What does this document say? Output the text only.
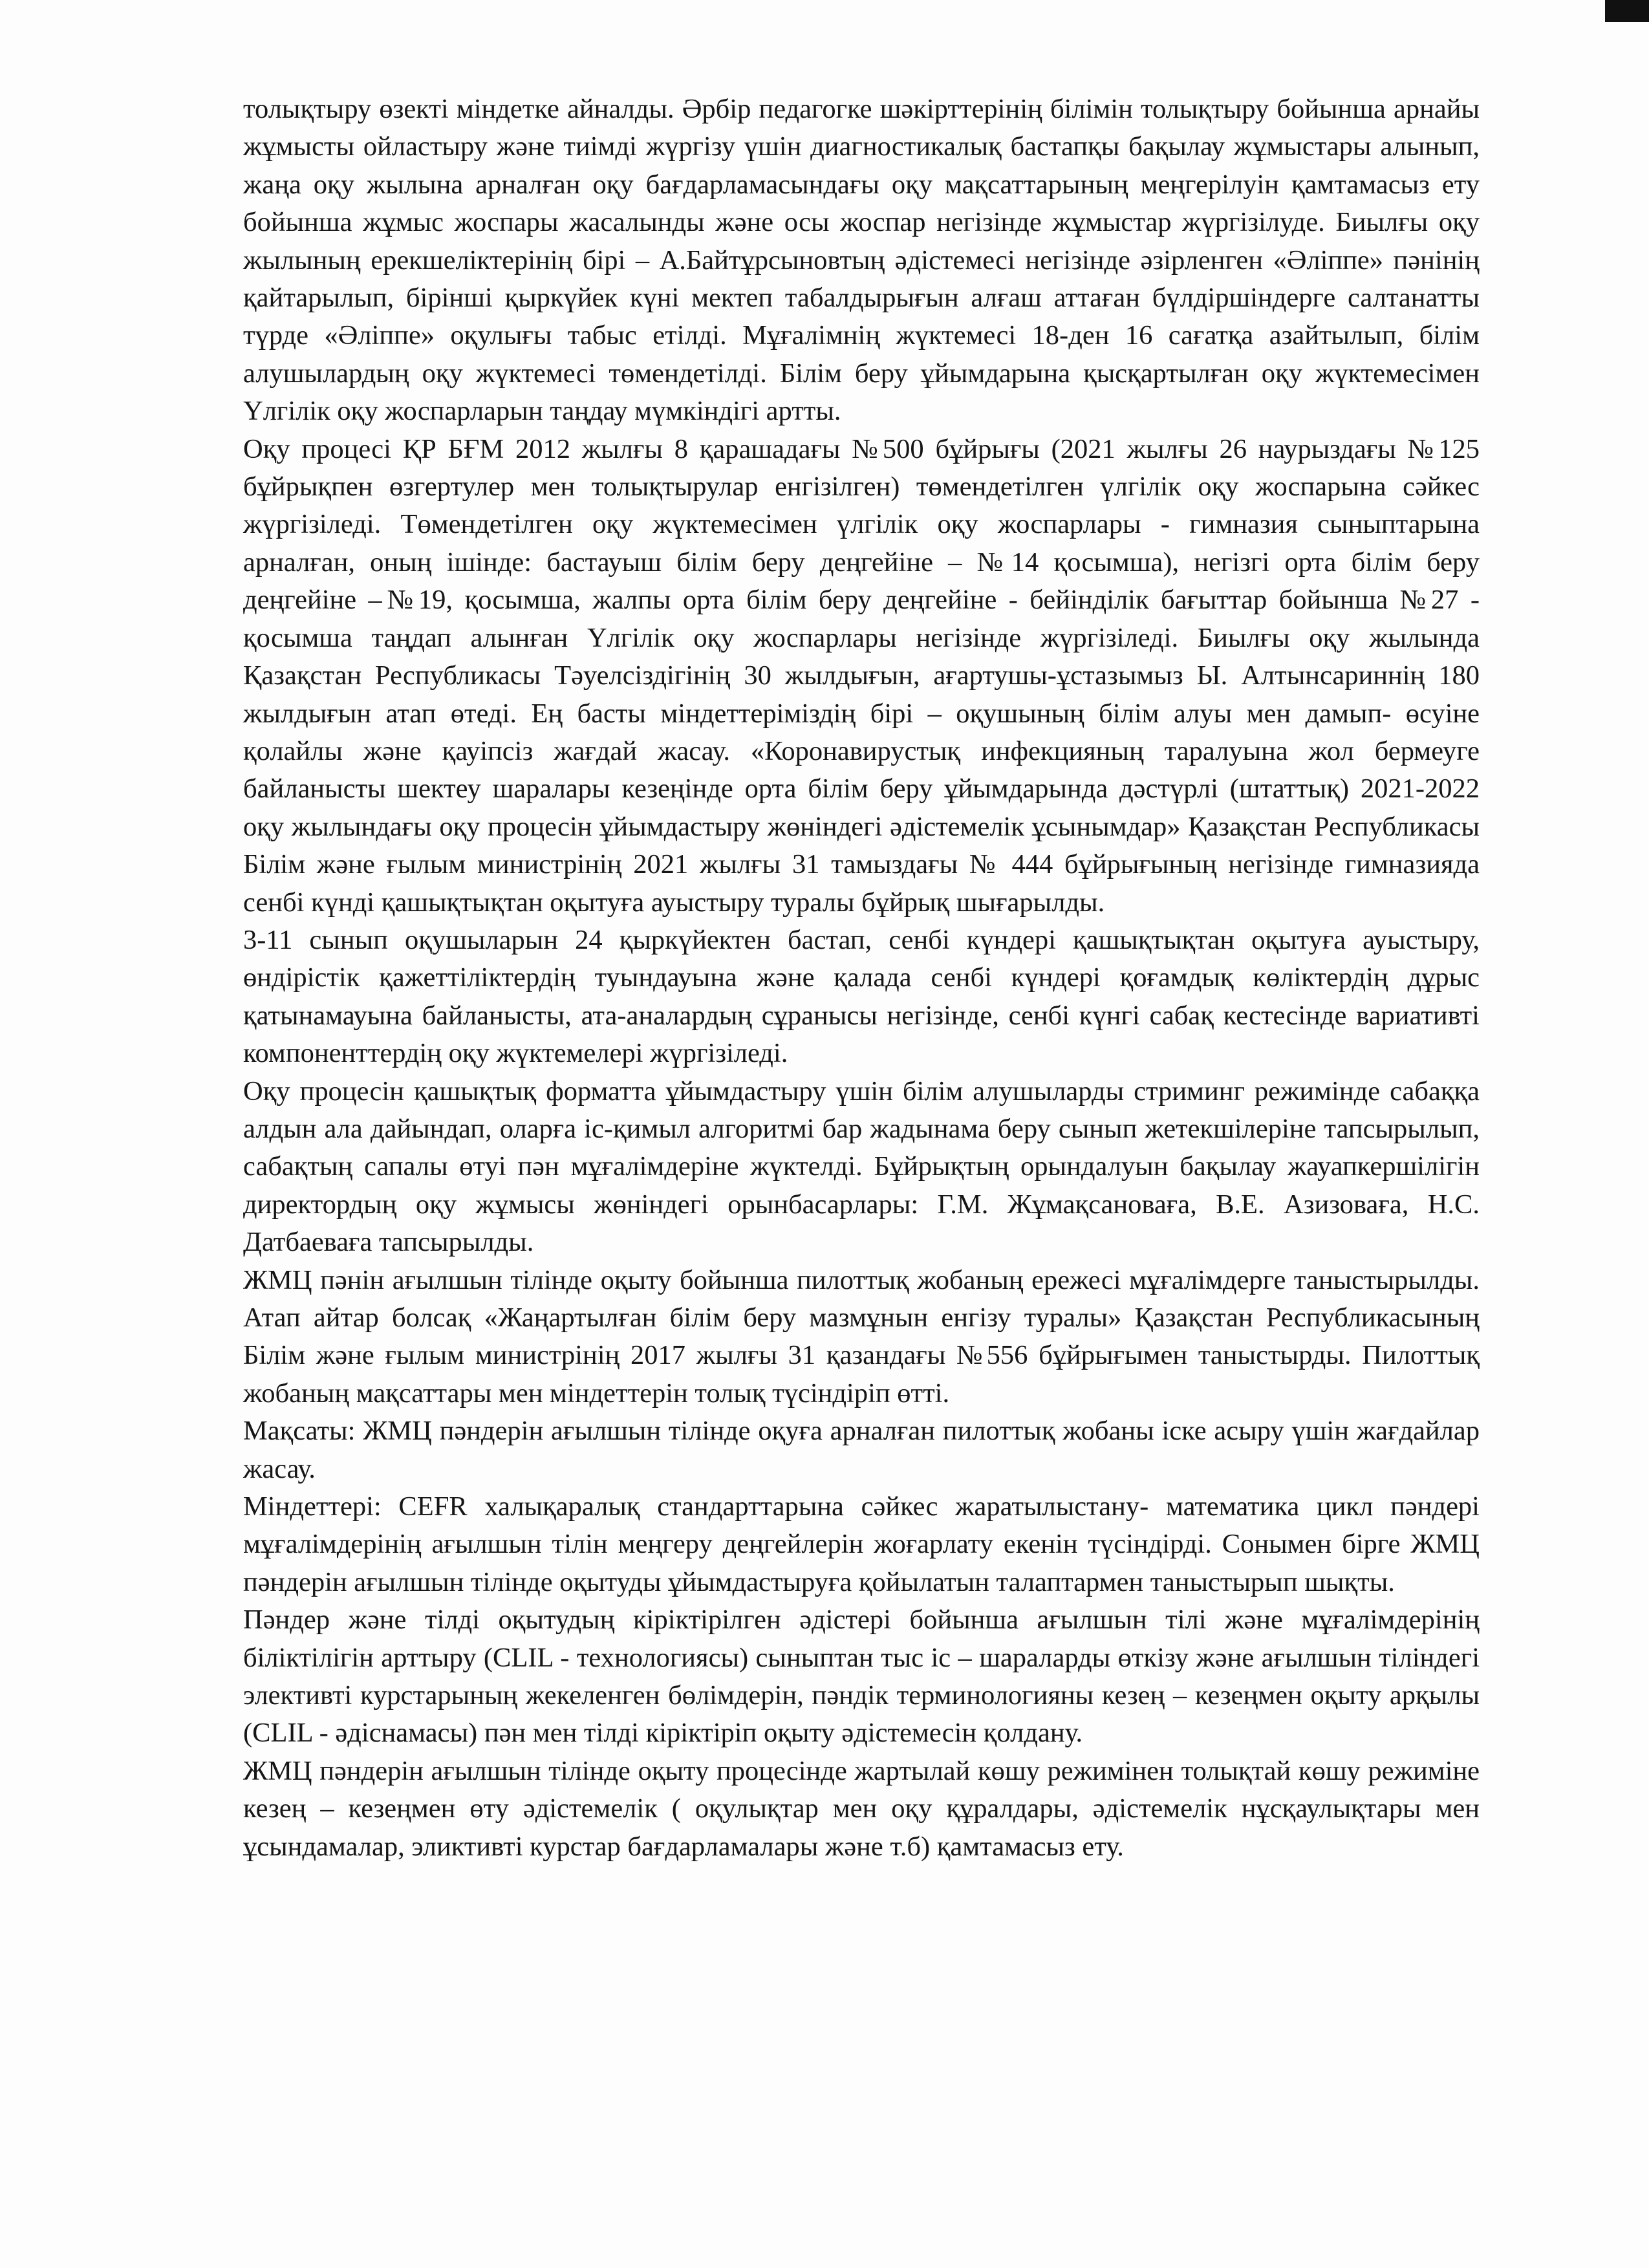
толықтыру өзекті міндетке айналды. Әрбір педагогке шәкірттерінің білімін толықтыру бойынша арнайы жұмысты ойластыру және тиімді жүргізу үшін диагностикалық бастапқы бақылау жұмыстары алынып, жаңа оқу жылына арналған оқу бағдарламасындағы оқу мақсаттарының меңгерілуін қамтамасыз ету бойынша жұмыс жоспары жасалынды және осы жоспар негізінде жұмыстар жүргізілуде. Биылғы оқу жылының ерекшеліктерінің бірі – А.Байтұрсыновтың әдістемесі негізінде әзірленген «Әліппе» пәнінің қайтарылып, бірінші қыркүйек күні мектеп табалдырығын алғаш аттаған бүлдіршіндерге салтанатты түрде «Әліппе» оқулығы табыс етілді. Мұғалімнің жүктемесі 18-ден 16 сағатқа азайтылып, білім алушылардың оқу жүктемесі төмендетілді. Білім беру ұйымдарына қысқартылған оқу жүктемесімен Үлгілік оқу жоспарларын таңдау мүмкіндігі артты.

Оқу процесі ҚР БҒМ 2012 жылғы 8 қарашадағы №500 бұйрығы (2021 жылғы 26 наурыздағы №125 бұйрықпен өзгертулер мен толықтырулар енгізілген) төмендетілген үлгілік оқу жоспарына сәйкес жүргізіледі. Төмендетілген оқу жүктемесімен үлгілік оқу жоспарлары - гимназия сыныптарына арналған, оның ішінде: бастауыш білім беру деңгейіне – №14 қосымша), негізгі орта білім беру деңгейіне –№19, қосымша, жалпы орта білім беру деңгейіне - бейінділік бағыттар бойынша №27 - қосымша таңдап алынған Үлгілік оқу жоспарлары негізінде жүргізіледі. Биылғы оқу жылында Қазақстан Республикасы Тәуелсіздігінің 30 жылдығын, ағартушы-ұстазымыз Ы. Алтынсариннің 180 жылдығын атап өтеді. Ең басты міндеттеріміздің бірі – оқушының білім алуы мен дамып- өсуіне қолайлы және қауіпсіз жағдай жасау. «Коронавирустық инфекцияның таралуына жол бермеуге байланысты шектеу шаралары кезеңінде орта білім беру ұйымдарында дәстүрлі (штаттық) 2021-2022 оқу жылындағы оқу процесін ұйымдастыру жөніндегі әдістемелік ұсынымдар» Қазақстан Республикасы Білім және ғылым министрінің 2021 жылғы 31 тамыздағы № 444 бұйрығының негізінде гимназияда сенбі күнді қашықтықтан оқытуға ауыстыру туралы бұйрық шығарылды.

3-11 сынып оқушыларын 24 қыркүйектен бастап, сенбі күндері қашықтықтан оқытуға ауыстыру, өндірістік қажеттіліктердің туындауына және қалада сенбі күндері қоғамдық көліктердің дұрыс қатынамауына байланысты, ата-аналардың сұранысы негізінде, сенбі күнгі сабақ кестесінде вариативті компоненттердің оқу жүктемелері жүргізіледі.

Оқу процесін қашықтық форматта ұйымдастыру үшін білім алушыларды стриминг режимінде сабаққа алдын ала дайындап, оларға іс-қимыл алгоритмі бар жадынама беру сынып жетекшілеріне тапсырылып, сабақтың сапалы өтуі пән мұғалімдеріне жүктелді. Бұйрықтың орындалуын бақылау жауапкершілігін директордың оқу жұмысы жөніндегі орынбасарлары: Г.М. Жұмақсановаға, В.Е. Азизоваға, Н.С. Датбаеваға тапсырылды.

ЖМЦ пәнін ағылшын тілінде оқыту бойынша пилоттық жобаның ережесі мұғалімдерге таныстырылды. Атап айтар болсақ «Жаңартылған білім беру мазмұнын енгізу туралы» Қазақстан Республикасының Білім және ғылым министрінің 2017 жылғы 31 қазандағы №556 бұйрығымен таныстырды. Пилоттық жобаның мақсаттары мен міндеттерін толық түсіндіріп өтті.

Мақсаты: ЖМЦ пәндерін ағылшын тілінде оқуға арналған пилоттық жобаны іске асыру үшін жағдайлар жасау.

Міндеттері: CEFR халықаралық стандарттарына сәйкес жаратылыстану- математика цикл пәндері мұғалімдерінің ағылшын тілін меңгеру деңгейлерін жоғарлату екенін түсіндірді. Сонымен бірге ЖМЦ пәндерін ағылшын тілінде оқытуды ұйымдастыруға қойылатын талаптармен таныстырып шықты.

Пәндер және тілді оқытудың кіріктірілген әдістері бойынша ағылшын тілі және мұғалімдерінің біліктілігін арттыру (CLIL - технологиясы) сыныптан тыс іс – шараларды өткізу және ағылшын тіліндегі элективті курстарының жекеленген бөлімдерін, пәндік терминологияны кезең – кезеңмен оқыту арқылы (CLIL - әдіснамасы) пән мен тілді кіріктіріп оқыту әдістемесін қолдану.

ЖМЦ пәндерін ағылшын тілінде оқыту процесінде жартылай көшу режимінен толықтай көшу режиміне кезең – кезеңмен өту әдістемелік ( оқулықтар мен оқу құралдары, әдістемелік нұсқаулықтары мен ұсындамалар, эликтивті курстар бағдарламалары және т.б) қамтамасыз ету.
